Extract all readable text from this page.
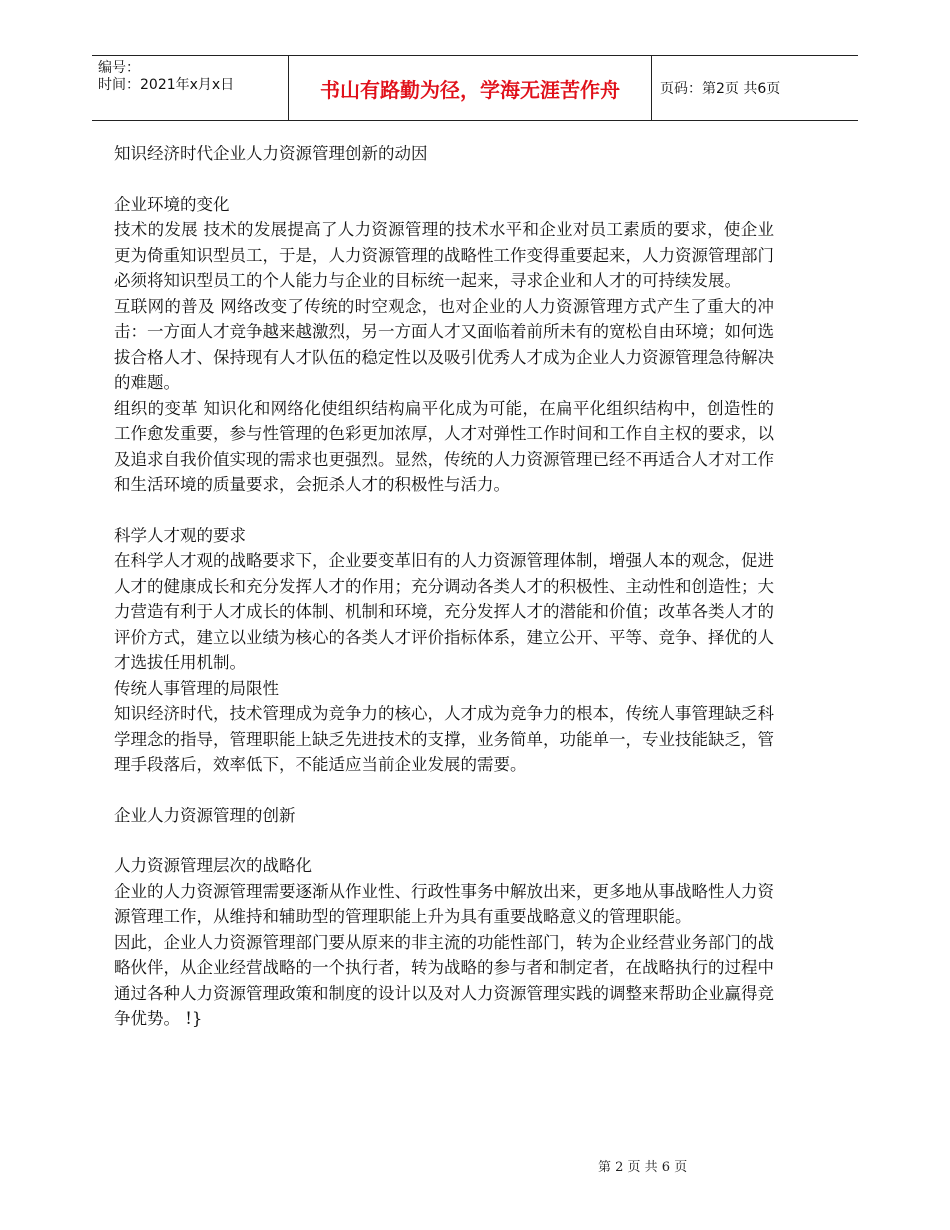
编号：
时间：2021年x月x日	书山有路勤为径，学海无涯苦作舟	页码：第2页 共6页

知识经济时代企业人力资源管理创新的动因

企业环境的变化

技术的发展 技术的发展提高了人力资源管理的技术水平和企业对员工素质的要求，使企业更为倚重知识型员工，于是，人力资源管理的战略性工作变得重要起来，人力资源管理部门必须将知识型员工的个人能力与企业的目标统一起来，寻求企业和人才的可持续发展。

互联网的普及 网络改变了传统的时空观念，也对企业的人力资源管理方式产生了重大的冲击：一方面人才竞争越来越激烈，另一方面人才又面临着前所未有的宽松自由环境；如何选拔合格人才、保持现有人才队伍的稳定性以及吸引优秀人才成为企业人力资源管理急待解决的难题。

组织的变革 知识化和网络化使组织结构扁平化成为可能，在扁平化组织结构中，创造性的工作愈发重要，参与性管理的色彩更加浓厚，人才对弹性工作时间和工作自主权的要求，以及追求自我价值实现的需求也更强烈。显然，传统的人力资源管理已经不再适合人才对工作和生活环境的质量要求，会扼杀人才的积极性与活力。

科学人才观的要求

在科学人才观的战略要求下，企业要变革旧有的人力资源管理体制，增强人本的观念，促进人才的健康成长和充分发挥人才的作用；充分调动各类人才的积极性、主动性和创造性；大力营造有利于人才成长的体制、机制和环境，充分发挥人才的潜能和价值；改革各类人才的评价方式，建立以业绩为核心的各类人才评价指标体系，建立公开、平等、竞争、择优的人才选拔任用机制。

传统人事管理的局限性

知识经济时代，技术管理成为竞争力的核心，人才成为竞争力的根本，传统人事管理缺乏科学理念的指导，管理职能上缺乏先进技术的支撑，业务简单，功能单一，专业技能缺乏，管理手段落后，效率低下，不能适应当前企业发展的需要。

企业人力资源管理的创新

人力资源管理层次的战略化

企业的人力资源管理需要逐渐从作业性、行政性事务中解放出来，更多地从事战略性人力资源管理工作，从维持和辅助型的管理职能上升为具有重要战略意义的管理职能。

因此，企业人力资源管理部门要从原来的非主流的功能性部门，转为企业经营业务部门的战略伙伴，从企业经营战略的一个执行者，转为战略的参与者和制定者，在战略执行的过程中通过各种人力资源管理政策和制度的设计以及对人力资源管理实践的调整来帮助企业赢得竞争优势。 !}

第 2 页 共 6 页
